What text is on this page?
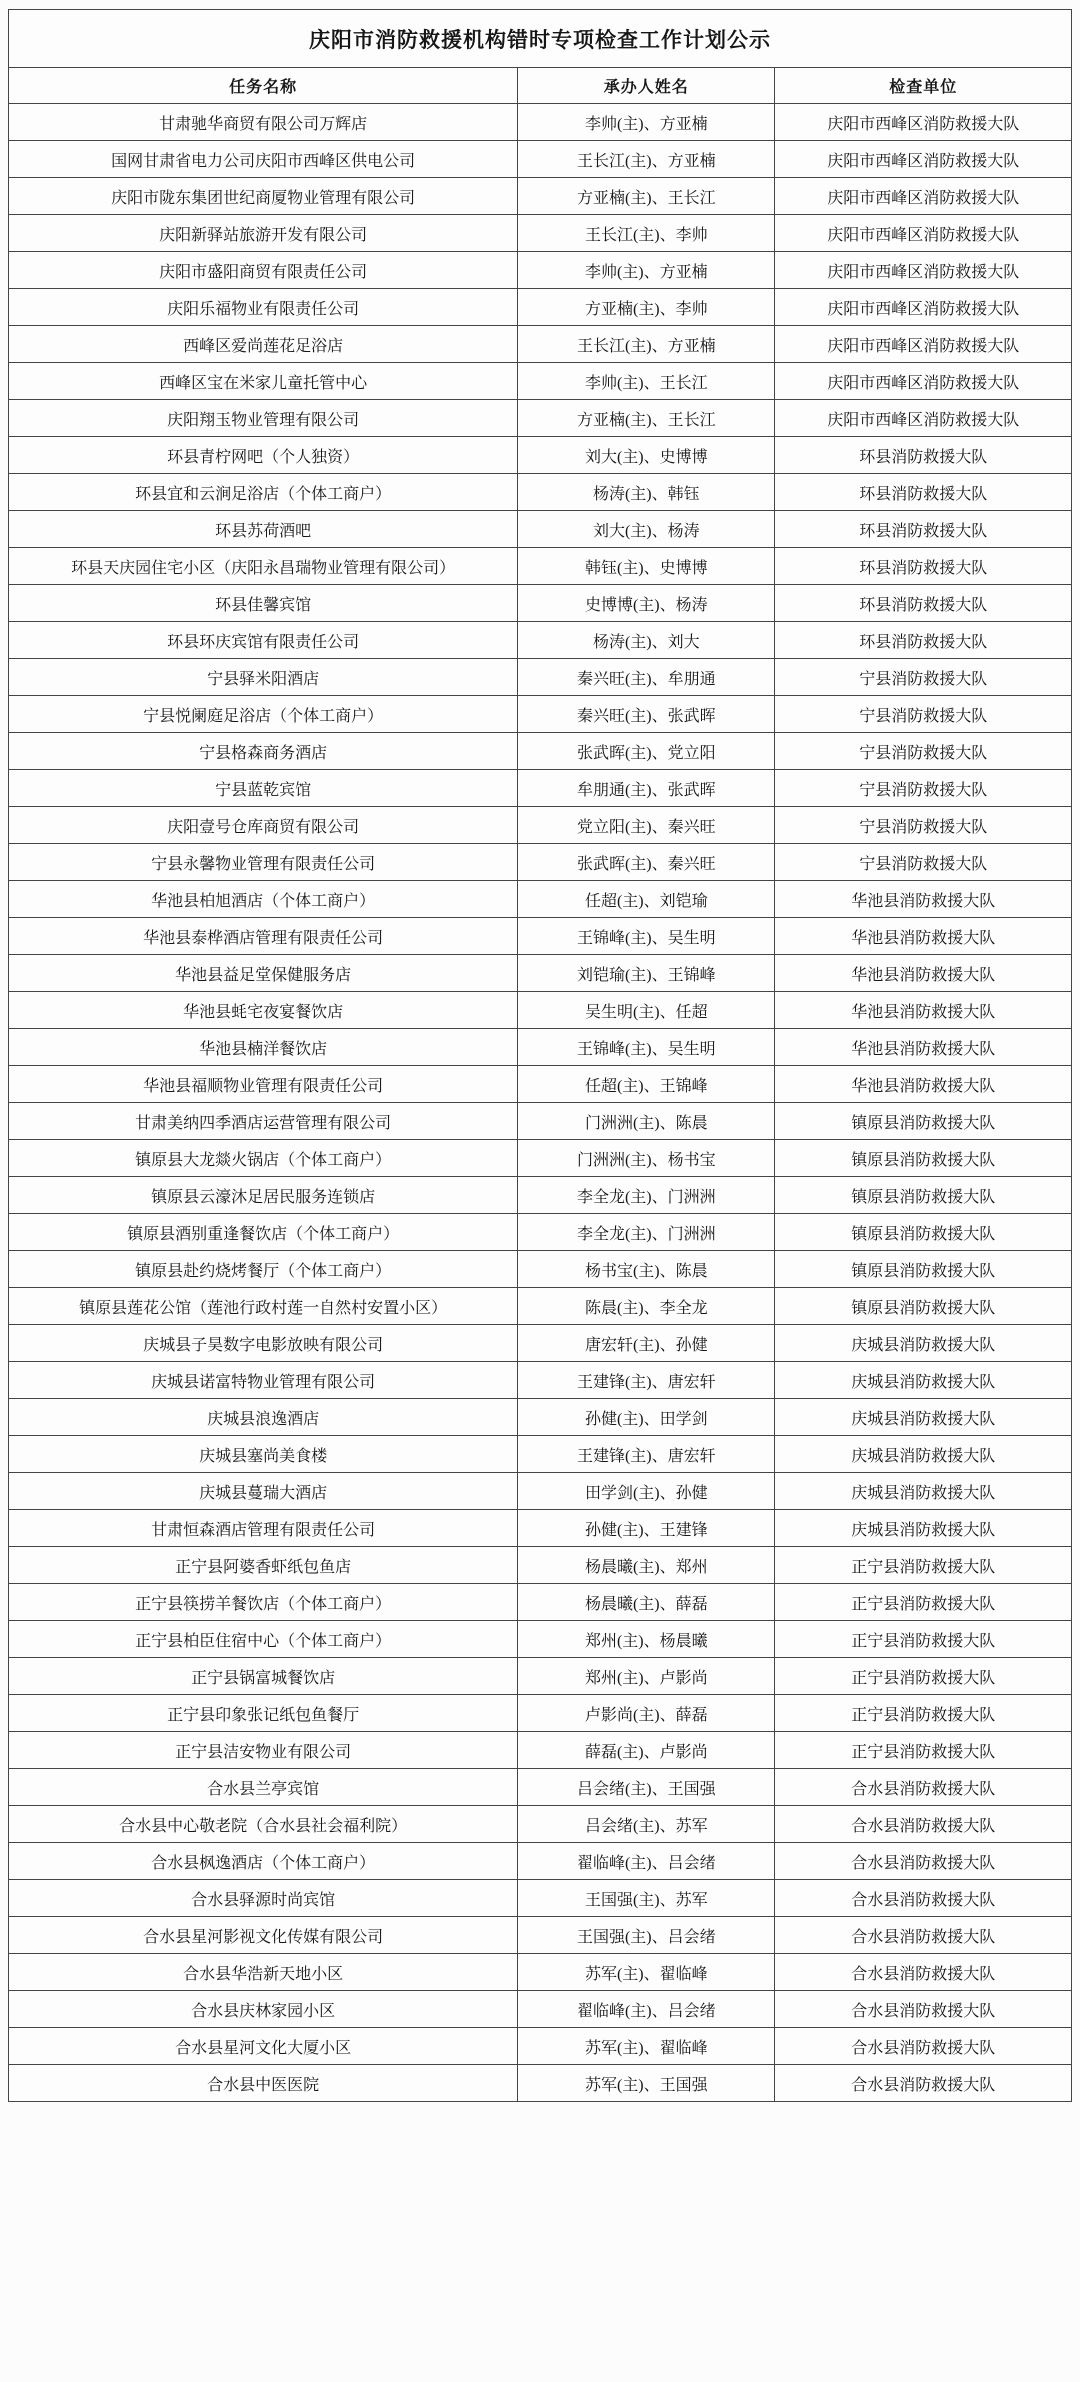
庆阳市消防救援机构错时专项检查工作计划公示		
任务名称	承办人姓名	检查单位
甘肃驰华商贸有限公司万辉店	李帅(主)、方亚楠	庆阳市西峰区消防救援大队
国网甘肃省电力公司庆阳市西峰区供电公司	王长江(主)、方亚楠	庆阳市西峰区消防救援大队
庆阳市陇东集团世纪商厦物业管理有限公司	方亚楠(主)、王长江	庆阳市西峰区消防救援大队
庆阳新驿站旅游开发有限公司	王长江(主)、李帅	庆阳市西峰区消防救援大队
庆阳市盛阳商贸有限责任公司	李帅(主)、方亚楠	庆阳市西峰区消防救援大队
庆阳乐福物业有限责任公司	方亚楠(主)、李帅	庆阳市西峰区消防救援大队
西峰区爱尚莲花足浴店	王长江(主)、方亚楠	庆阳市西峰区消防救援大队
西峰区宝在米家儿童托管中心	李帅(主)、王长江	庆阳市西峰区消防救援大队
庆阳翔玉物业管理有限公司	方亚楠(主)、王长江	庆阳市西峰区消防救援大队
环县青柠网吧（个人独资）	刘大(主)、史博博	环县消防救援大队
环县宜和云涧足浴店（个体工商户）	杨涛(主)、韩钰	环县消防救援大队
环县苏荷酒吧	刘大(主)、杨涛	环县消防救援大队
环县天庆园住宅小区（庆阳永昌瑞物业管理有限公司）	韩钰(主)、史博博	环县消防救援大队
环县佳馨宾馆	史博博(主)、杨涛	环县消防救援大队
环县环庆宾馆有限责任公司	杨涛(主)、刘大	环县消防救援大队
宁县驿米阳酒店	秦兴旺(主)、牟朋通	宁县消防救援大队
宁县悦阑庭足浴店（个体工商户）	秦兴旺(主)、张武晖	宁县消防救援大队
宁县格森商务酒店	张武晖(主)、党立阳	宁县消防救援大队
宁县蓝乾宾馆	牟朋通(主)、张武晖	宁县消防救援大队
庆阳壹号仓库商贸有限公司	党立阳(主)、秦兴旺	宁县消防救援大队
宁县永馨物业管理有限责任公司	张武晖(主)、秦兴旺	宁县消防救援大队
华池县柏旭酒店（个体工商户）	任超(主)、刘铠瑜	华池县消防救援大队
华池县泰桦酒店管理有限责任公司	王锦峰(主)、吴生明	华池县消防救援大队
华池县益足堂保健服务店	刘铠瑜(主)、王锦峰	华池县消防救援大队
华池县蚝宅夜宴餐饮店	吴生明(主)、任超	华池县消防救援大队
华池县楠洋餐饮店	王锦峰(主)、吴生明	华池县消防救援大队
华池县福顺物业管理有限责任公司	任超(主)、王锦峰	华池县消防救援大队
甘肃美纳四季酒店运营管理有限公司	门洲洲(主)、陈晨	镇原县消防救援大队
镇原县大龙燚火锅店（个体工商户）	门洲洲(主)、杨书宝	镇原县消防救援大队
镇原县云濠沐足居民服务连锁店	李全龙(主)、门洲洲	镇原县消防救援大队
镇原县酒别重逢餐饮店（个体工商户）	李全龙(主)、门洲洲	镇原县消防救援大队
镇原县赴约烧烤餐厅（个体工商户）	杨书宝(主)、陈晨	镇原县消防救援大队
镇原县莲花公馆（莲池行政村莲一自然村安置小区）	陈晨(主)、李全龙	镇原县消防救援大队
庆城县子昊数字电影放映有限公司	唐宏轩(主)、孙健	庆城县消防救援大队
庆城县诺富特物业管理有限公司	王建锋(主)、唐宏轩	庆城县消防救援大队
庆城县浪逸酒店	孙健(主)、田学剑	庆城县消防救援大队
庆城县塞尚美食楼	王建锋(主)、唐宏轩	庆城县消防救援大队
庆城县蔓瑞大酒店	田学剑(主)、孙健	庆城县消防救援大队
甘肃恒森酒店管理有限责任公司	孙健(主)、王建锋	庆城县消防救援大队
正宁县阿婆香虾纸包鱼店	杨晨曦(主)、郑州	正宁县消防救援大队
正宁县筷捞羊餐饮店（个体工商户）	杨晨曦(主)、薛磊	正宁县消防救援大队
正宁县柏臣住宿中心（个体工商户）	郑州(主)、杨晨曦	正宁县消防救援大队
正宁县锅富城餐饮店	郑州(主)、卢影尚	正宁县消防救援大队
正宁县印象张记纸包鱼餐厅	卢影尚(主)、薛磊	正宁县消防救援大队
正宁县洁安物业有限公司	薛磊(主)、卢影尚	正宁县消防救援大队
合水县兰亭宾馆	吕会绪(主)、王国强	合水县消防救援大队
合水县中心敬老院（合水县社会福利院）	吕会绪(主)、苏军	合水县消防救援大队
合水县枫逸酒店（个体工商户）	翟临峰(主)、吕会绪	合水县消防救援大队
合水县驿源时尚宾馆	王国强(主)、苏军	合水县消防救援大队
合水县星河影视文化传媒有限公司	王国强(主)、吕会绪	合水县消防救援大队
合水县华浩新天地小区	苏军(主)、翟临峰	合水县消防救援大队
合水县庆林家园小区	翟临峰(主)、吕会绪	合水县消防救援大队
合水县星河文化大厦小区	苏军(主)、翟临峰	合水县消防救援大队
合水县中医医院	苏军(主)、王国强	合水县消防救援大队
